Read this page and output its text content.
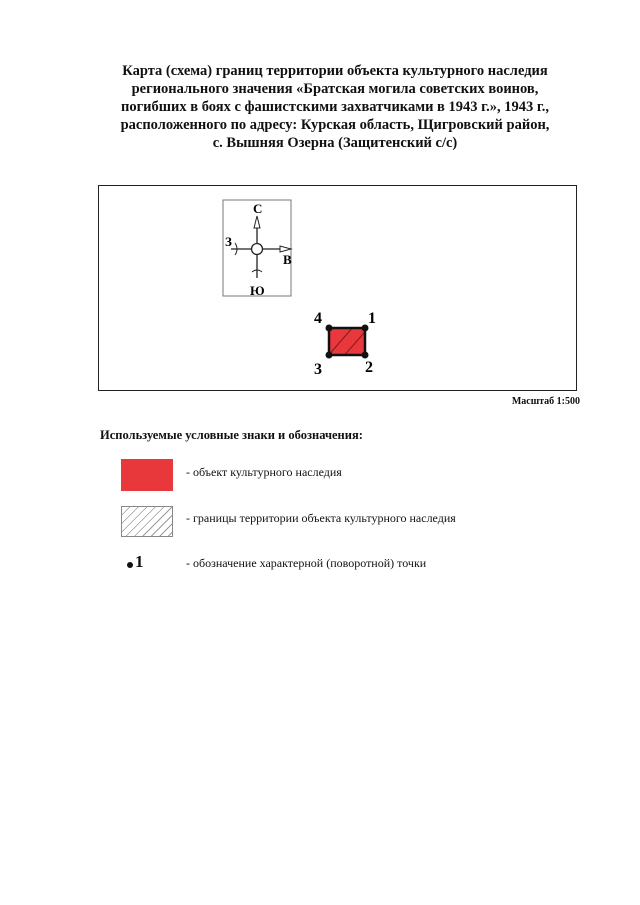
Карта (схема) границ территории объекта культурного наследия
регионального значения «Братская могила советских воинов,
погибших в боях с фашистскими захватчиками в 1943 г.», 1943 г.,
расположенного по адресу: Курская область, Щигровский район,
с. Вышняя Озерна (Защитенский с/с)
С
З
В
Ю
1
2
3
4
Масштаб 1:500
Используемые условные знаки и обозначения:
- объект культурного наследия
- границы территории объекта культурного наследия
1	- обозначение характерной (поворотной) точки
